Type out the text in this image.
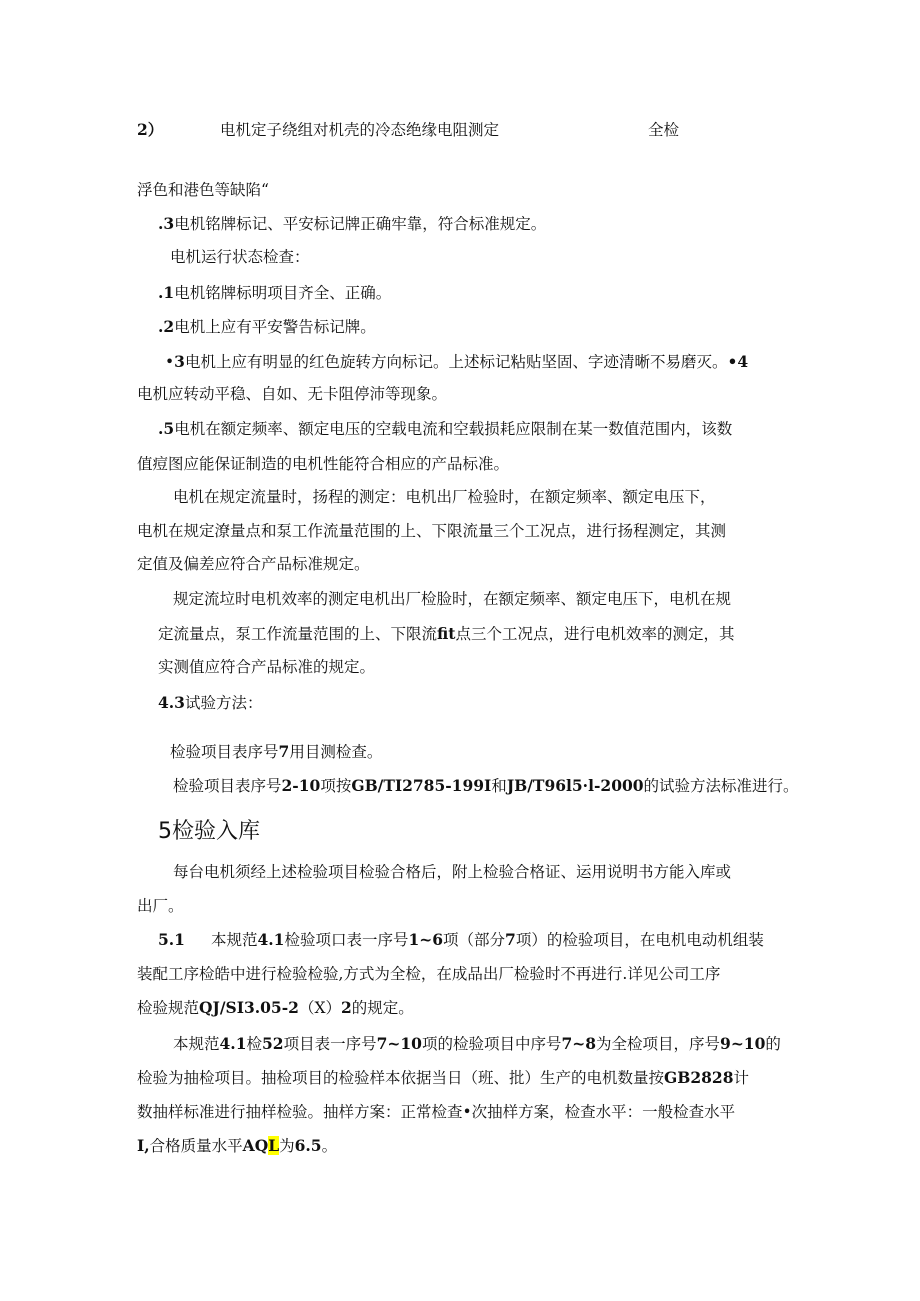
2）	电机定子绕组对机壳的冷态绝缘电阻测定	全检
浮色和港色等缺陷“
.3电机铭牌标记、平安标记牌正确牢靠，符合标准规定。
电机运行状态检查：
.1电机铭牌标明项目齐全、正确。
.2电机上应有平安警告标记牌。
•3电机上应有明显的红色旋转方向标记。上述标记粘贴坚固、字迹清晰不易磨灭。•4
电机应转动平稳、自如、无卡阻停沛等现象。
.5电机在额定频率、额定电压的空载电流和空载损耗应限制在某一数值范围内，该数
值痘图应能保证制造的电机性能符合相应的产品标准。
电机在规定流量时，扬程的测定：电机出厂检验时，在额定频率、额定电压下，
电机在规定潦量点和泵工作流量范围的上、下限流量三个工况点，进行扬程测定，其测
定值及偏差应符合产品标准规定。
规定流垃时电机效率的测定电机出厂检脸时，在额定频率、额定电压下，电机在规
定流量点，泵工作流量范围的上、下限流fit点三个工况点，进行电机效率的测定，其
实测值应符合产品标准的规定。
4.3试验方法：
检验项目表序号7用目测检查。
检验项目表序号2-10项按GB/TI2785-199I和JB/T96l5·l-2000的试验方法标准进行。
5检验入库
每台电机须经上述检验项目检验合格后，附上检验合格证、运用说明书方能入库或
出厂。
5.1 本规范4.1检验项口表一序号1~6项（部分7项）的检验项目，在电机电动机组装
装配工序检皓中进行检验检验,方式为全检，在成品出厂检验时不再进行.详见公司工序
检验规范QJ/SI3.05-2（X）2的规定。
本规范4.1检52项目表一序号7~10项的检验项目中序号7~8为全检项目，序号9~10的
检验为抽检项目。抽检项目的检验样本依据当日（班、批）生产的电机数量按GB2828计
数抽样标准进行抽样检验。抽样方案：正常检查•次抽样方案，检查水平：一般检查水平
I,合格质量水平AQL为6.5。
